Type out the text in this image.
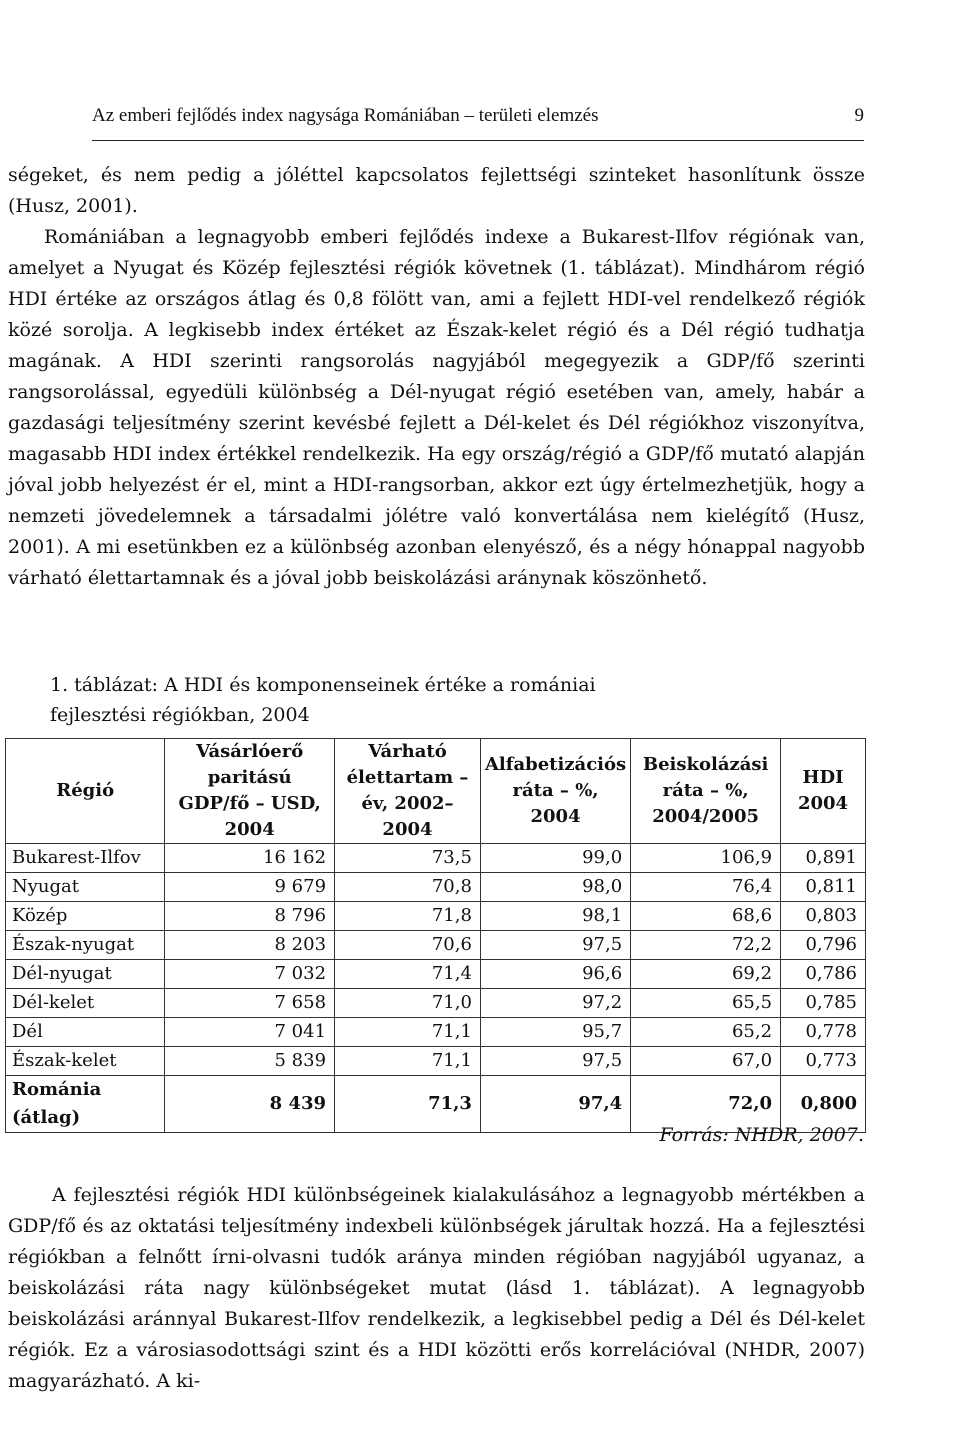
Az emberi fejlődés index nagysága Romániában – területi elemzés	9
ségeket, és nem pedig a jóléttel kapcsolatos fejlettségi szinteket hasonlítunk össze (Husz, 2001).
Romániában a legnagyobb emberi fejlődés indexe a Bukarest-Ilfov régiónak van, amelyet a Nyugat és Közép fejlesztési régiók követnek (1. táblázat). Mindhárom régió HDI értéke az országos átlag és 0,8 fölött van, ami a fejlett HDI-vel rendelkező régiók közé sorolja. A legkisebb index értéket az Észak-kelet régió és a Dél régió tudhatja magának. A HDI szerinti rangsorolás nagyjából megegyezik a GDP/fő szerinti rangsorolással, egyedüli különbség a Dél-nyugat régió esetében van, amely, habár a gazdasági teljesítmény szerint kevésbé fejlett a Dél-kelet és Dél régiókhoz viszonyítva, magasabb HDI index értékkel rendelkezik. Ha egy ország/régió a GDP/fő mutató alapján jóval jobb helyezést ér el, mint a HDI-rangsorban, akkor ezt úgy értelmezhetjük, hogy a nemzeti jövedelemnek a társadalmi jólétre való konvertálása nem kielégítő (Husz, 2001). A mi esetünkben ez a különbség azonban elenyésző, és a négy hónappal nagyobb várható élettartamnak és a jóval jobb beiskolázási aránynak köszönhető.
1. táblázat: A HDI és komponenseinek értéke a romániai
fejlesztési régiókban, 2004
Régió	Vásárlóerő paritású GDP/fő – USD, 2004	Várható élettartam – év, 2002–2004	Alfabetizációs ráta – %, 2004	Beiskolázási ráta – %, 2004/2005	HDI 2004
Bukarest-Ilfov	16 162	73,5	99,0	106,9	0,891
Nyugat	9 679	70,8	98,0	76,4	0,811
Közép	8 796	71,8	98,1	68,6	0,803
Észak-nyugat	8 203	70,6	97,5	72,2	0,796
Dél-nyugat	7 032	71,4	96,6	69,2	0,786
Dél-kelet	7 658	71,0	97,2	65,5	0,785
Dél	7 041	71,1	95,7	65,2	0,778
Észak-kelet	5 839	71,1	97,5	67,0	0,773
Románia (átlag)	8 439	71,3	97,4	72,0	0,800
Forrás: NHDR, 2007.
A fejlesztési régiók HDI különbségeinek kialakulásához a legnagyobb mértékben a GDP/fő és az oktatási teljesítmény indexbeli különbségek járultak hozzá. Ha a fejlesztési régiókban a felnőtt írni-olvasni tudók aránya minden régióban nagyjából ugyanaz, a beiskolázási ráta nagy különbségeket mutat (lásd 1. táblázat). A legnagyobb beiskolázási aránnyal Bukarest-Ilfov rendelkezik, a legkisebbel pedig a Dél és Dél-kelet régiók. Ez a városiasodottsági szint és a HDI közötti erős korrelációval (NHDR, 2007) magyarázható. A ki-
